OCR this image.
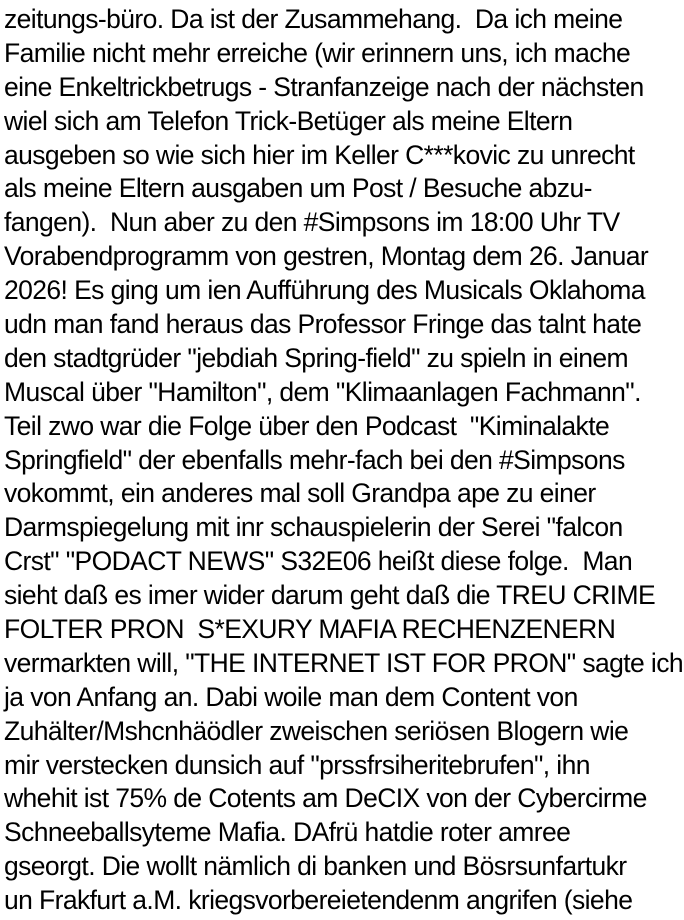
zeitungs-büro. Da ist der Zusammehang.  Da ich meine
Familie nicht mehr erreiche (wir erinnern uns, ich mache
eine Enkeltrickbetrugs - Stranfanzeige nach der nächsten
wiel sich am Telefon Trick-Betüger als meine Eltern
ausgeben so wie sich hier im Keller C***kovic zu unrecht
als meine Eltern ausgaben um Post / Besuche abzu-
fangen).  Nun aber zu den #Simpsons im 18:00 Uhr TV
Vorabendprogramm von gestren, Montag dem 26. Januar
2026! Es ging um ien Aufführung des Musicals Oklahoma
udn man fand heraus das Professor Fringe das talnt hate
den stadtgrüder "jebdiah Spring-field" zu spieln in einem
Muscal über "Hamilton", dem "Klimaanlagen Fachmann".
Teil zwo war die Folge über den Podcast  "Kiminalakte
Springfield" der ebenfalls mehr-fach bei den #Simpsons
vokommt, ein anderes mal soll Grandpa ape zu einer
Darmspiegelung mit inr schauspielerin der Serei "falcon
Crst" "PODACT NEWS" S32E06 heißt diese folge.  Man
sieht daß es imer wider darum geht daß die TREU CRIME
FOLTER PRON  S*EXURY MAFIA RECHENZENERN
vermarkten will, "THE INTERNET IST FOR PRON" sagte ich
ja von Anfang an. Dabi woile man dem Content von
Zuhälter/Mshcnhäödler zweischen seriösen Blogern wie
mir verstecken dunsich auf "prssfrsiheritebrufen", ihn
whehit ist 75% de Cotents am DeCIX von der Cybercirme
Schneeballsyteme Mafia. DAfrü hatdie roter amree
gseorgt. Die wollt nämlich di banken und Bösrsunfartukr
un Frakfurt a.M. kriegsvorbereietendenm angrifen (siehe
